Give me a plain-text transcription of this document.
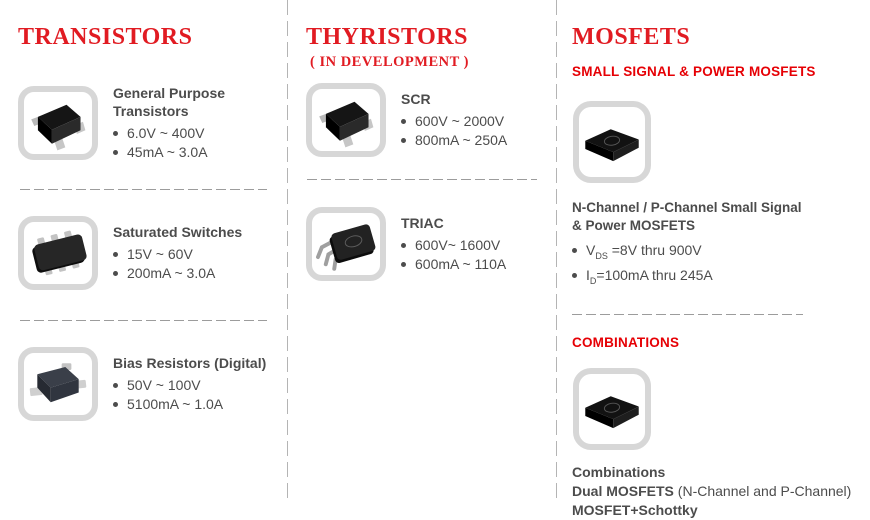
TRANSISTORS
General Purpose
Transistors
6.0V ~ 400V
45mA ~ 3.0A
Saturated Switches
15V ~ 60V
200mA ~ 3.0A
Bias Resistors (Digital)
50V ~ 100V
5100mA ~ 1.0A
THYRISTORS
( IN DEVELOPMENT )
SCR
600V ~ 2000V
800mA ~ 250A
TRIAC
600V~ 1600V
600mA ~ 110A
MOSFETS
SMALL SIGNAL & POWER MOSFETS
N-Channel / P-Channel Small Signal
& Power MOSFETS
$V_{DS} =8V$ thru 900V
$I_D=100mA$ thru 245A
COMBINATIONS
Combinations
Dual MOSFETS (N-Channel and P-Channel)
MOSFET+Schottky
